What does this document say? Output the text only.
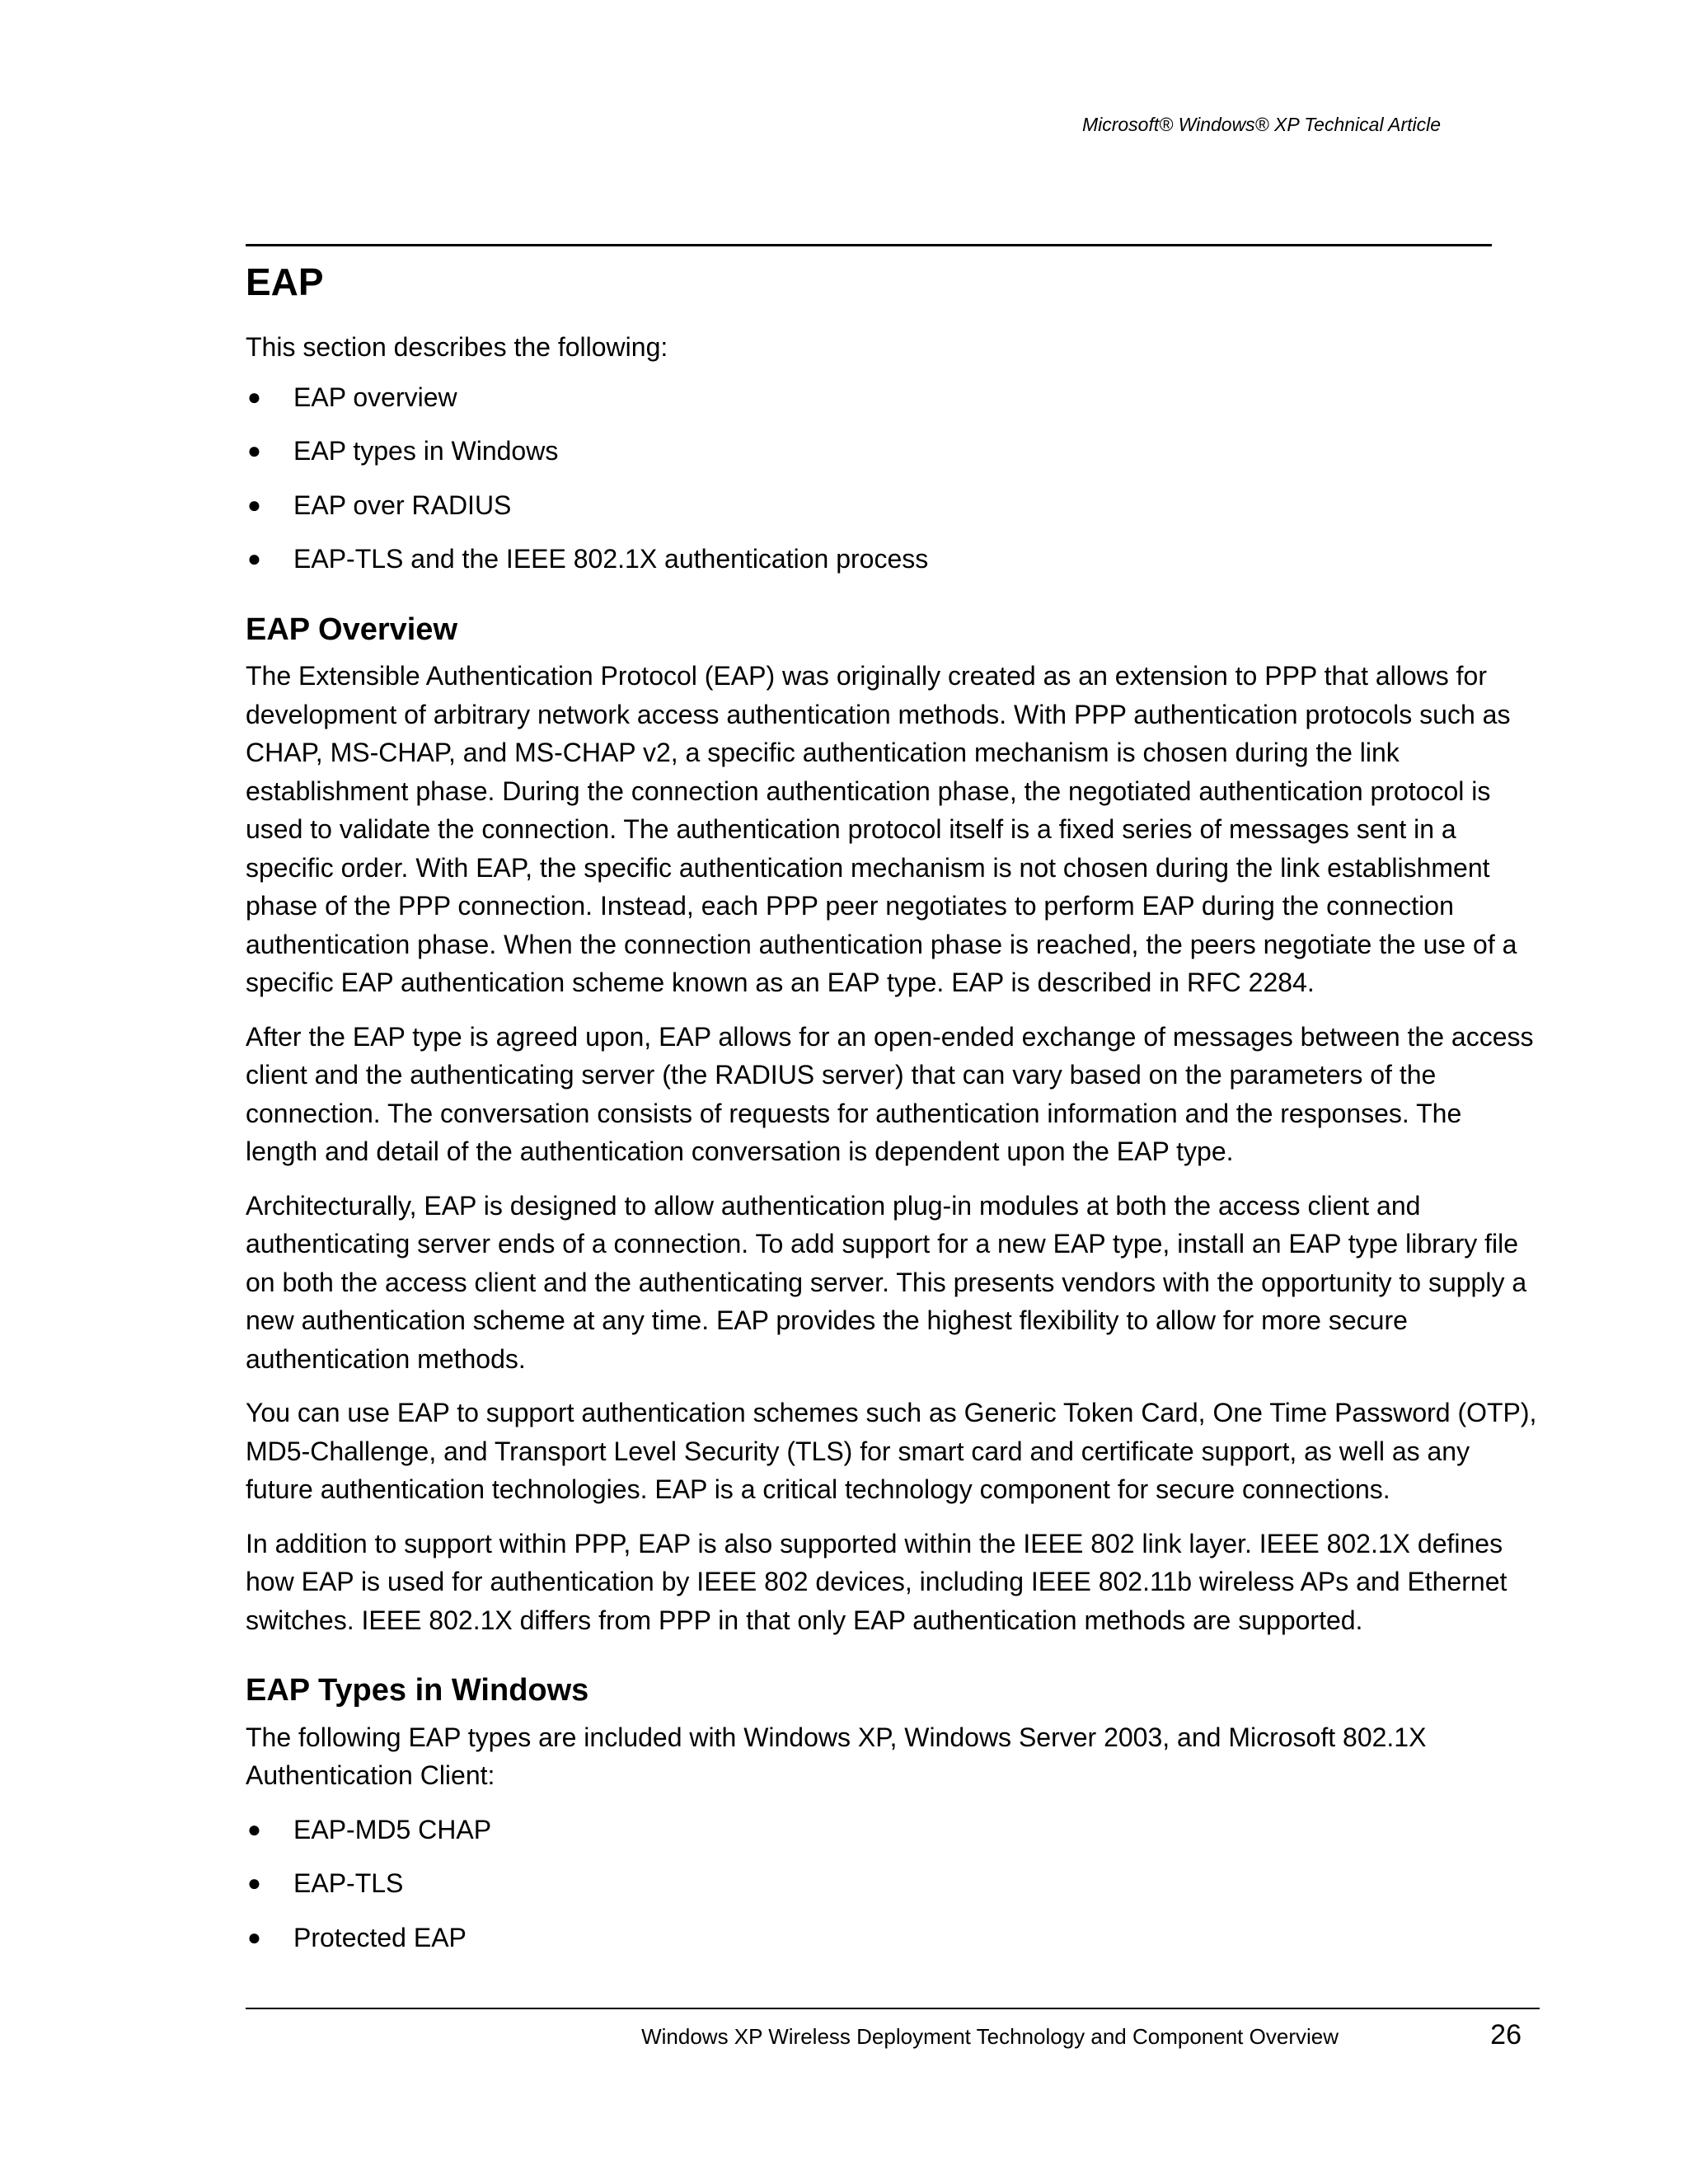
Microsoft® Windows® XP Technical Article
EAP

This section describes the following:

● EAP overview
● EAP types in Windows
● EAP over RADIUS
● EAP-TLS and the IEEE 802.1X authentication process
EAP Overview

The Extensible Authentication Protocol (EAP) was originally created as an extension to PPP that allows for development of arbitrary network access authentication methods. With PPP authentication protocols such as CHAP, MS-CHAP, and MS-CHAP v2, a specific authentication mechanism is chosen during the link establishment phase. During the connection authentication phase, the negotiated authentication protocol is used to validate the connection. The authentication protocol itself is a fixed series of messages sent in a specific order. With EAP, the specific authentication mechanism is not chosen during the link establishment phase of the PPP connection. Instead, each PPP peer negotiates to perform EAP during the connection authentication phase. When the connection authentication phase is reached, the peers negotiate the use of a specific EAP authentication scheme known as an EAP type. EAP is described in RFC 2284.

After the EAP type is agreed upon, EAP allows for an open-ended exchange of messages between the access client and the authenticating server (the RADIUS server) that can vary based on the parameters of the connection. The conversation consists of requests for authentication information and the responses. The length and detail of the authentication conversation is dependent upon the EAP type.

Architecturally, EAP is designed to allow authentication plug-in modules at both the access client and authenticating server ends of a connection. To add support for a new EAP type, install an EAP type library file on both the access client and the authenticating server. This presents vendors with the opportunity to supply a new authentication scheme at any time. EAP provides the highest flexibility to allow for more secure authentication methods.

You can use EAP to support authentication schemes such as Generic Token Card, One Time Password (OTP), MD5-Challenge, and Transport Level Security (TLS) for smart card and certificate support, as well as any future authentication technologies. EAP is a critical technology component for secure connections.

In addition to support within PPP, EAP is also supported within the IEEE 802 link layer. IEEE 802.1X defines how EAP is used for authentication by IEEE 802 devices, including IEEE 802.11b wireless APs and Ethernet switches. IEEE 802.1X differs from PPP in that only EAP authentication methods are supported.

EAP Types in Windows

The following EAP types are included with Windows XP, Windows Server 2003, and Microsoft 802.1X Authentication Client:

● EAP-MD5 CHAP
● EAP-TLS
● Protected EAP
Windows XP Wireless Deployment Technology and Component Overview	26
